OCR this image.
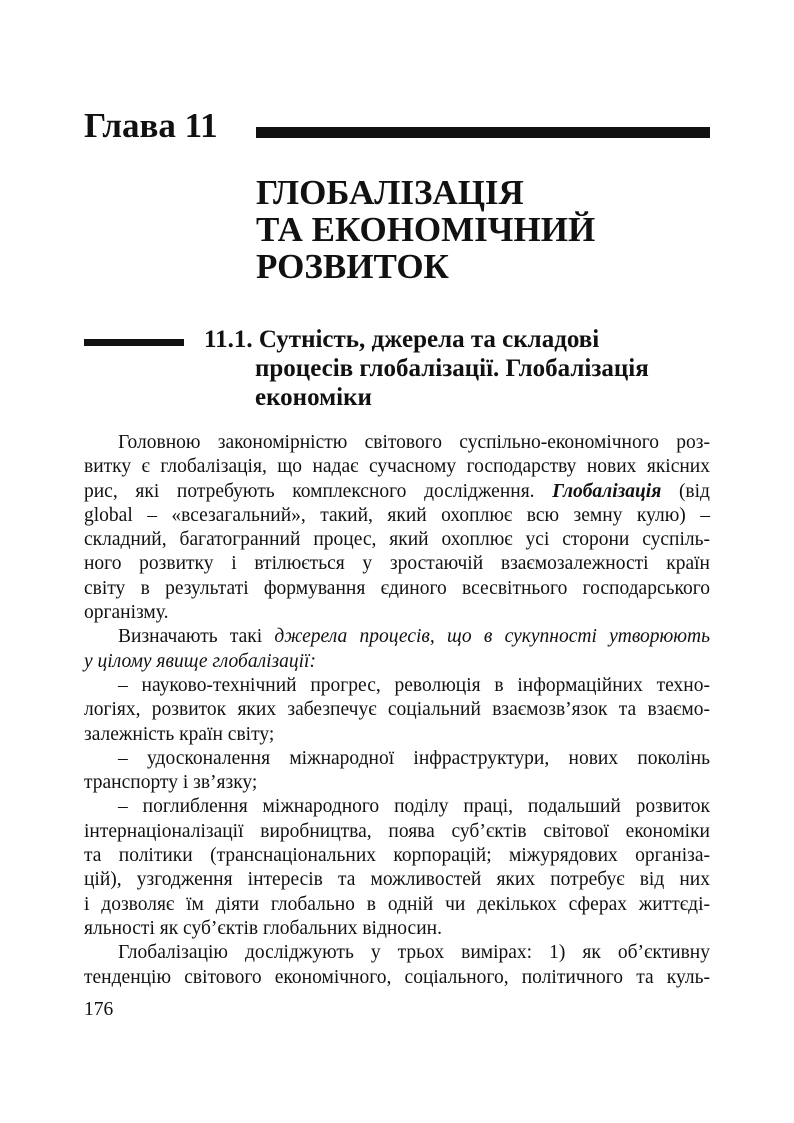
Глава 11
ГЛОБАЛІЗАЦІЯ
ТА ЕКОНОМІЧНИЙ
РОЗВИТОК
11.1. Сутність, джерела та складові
процесів глобалізації. Глобалізація
економіки
Головною закономірністю світового суспільно-економічного роз-
витку є глобалізація, що надає сучасному господарству нових якісних
рис, які потребують комплексного дослідження. Глобалізація (від
global – «всезагальний», такий, який охоплює всю земну кулю) –
складний, багатогранний процес, який охоплює усі сторони суспіль-
ного розвитку і втілюється у зростаючій взаємозалежності країн
світу в результаті формування єдиного всесвітнього господарського
організму.
Визначають такі джерела процесів, що в сукупності утворюють
у цілому явище глобалізації:
– науково-технічний прогрес, революція в інформаційних техно-
логіях, розвиток яких забезпечує соціальний взаємозв’язок та взаємо-
залежність країн світу;
– удосконалення міжнародної інфраструктури, нових поколінь
транспорту і зв’язку;
– поглиблення міжнародного поділу праці, подальший розвиток
інтернаціоналізації виробництва, поява суб’єктів світової економіки
та політики (транснаціональних корпорацій; міжурядових організа-
цій), узгодження інтересів та можливостей яких потребує від них
і дозволяє їм діяти глобально в одній чи декількох сферах життєді-
яльності як суб’єктів глобальних відносин.
Глобалізацію досліджують у трьох вимірах: 1) як об’єктивну
тенденцію світового економічного, соціального, політичного та куль-
176
